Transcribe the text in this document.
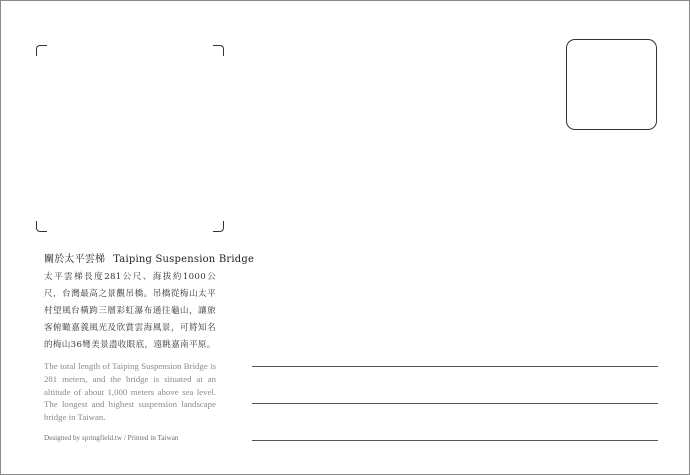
關於太平雲梯 Taiping Suspension Bridge
太平雲梯長度281公尺、海拔約1000公尺，台灣最高之景觀吊橋。吊橋從梅山太平村望風台橫跨三層彩虹瀑布通往龜山，讓旅客俯瞰嘉義風光及欣賞雲海風景，可將知名的梅山36彎美景盡收眼底，遠眺嘉南平原。
The total length of Taiping Suspension Bridge is 281 meters, and the bridge is situated at an altitude of about 1,000 meters above sea level. The longest and highest suspension landscape bridge in Taiwan.
Designed by springfield.tw / Printed in Taiwan
